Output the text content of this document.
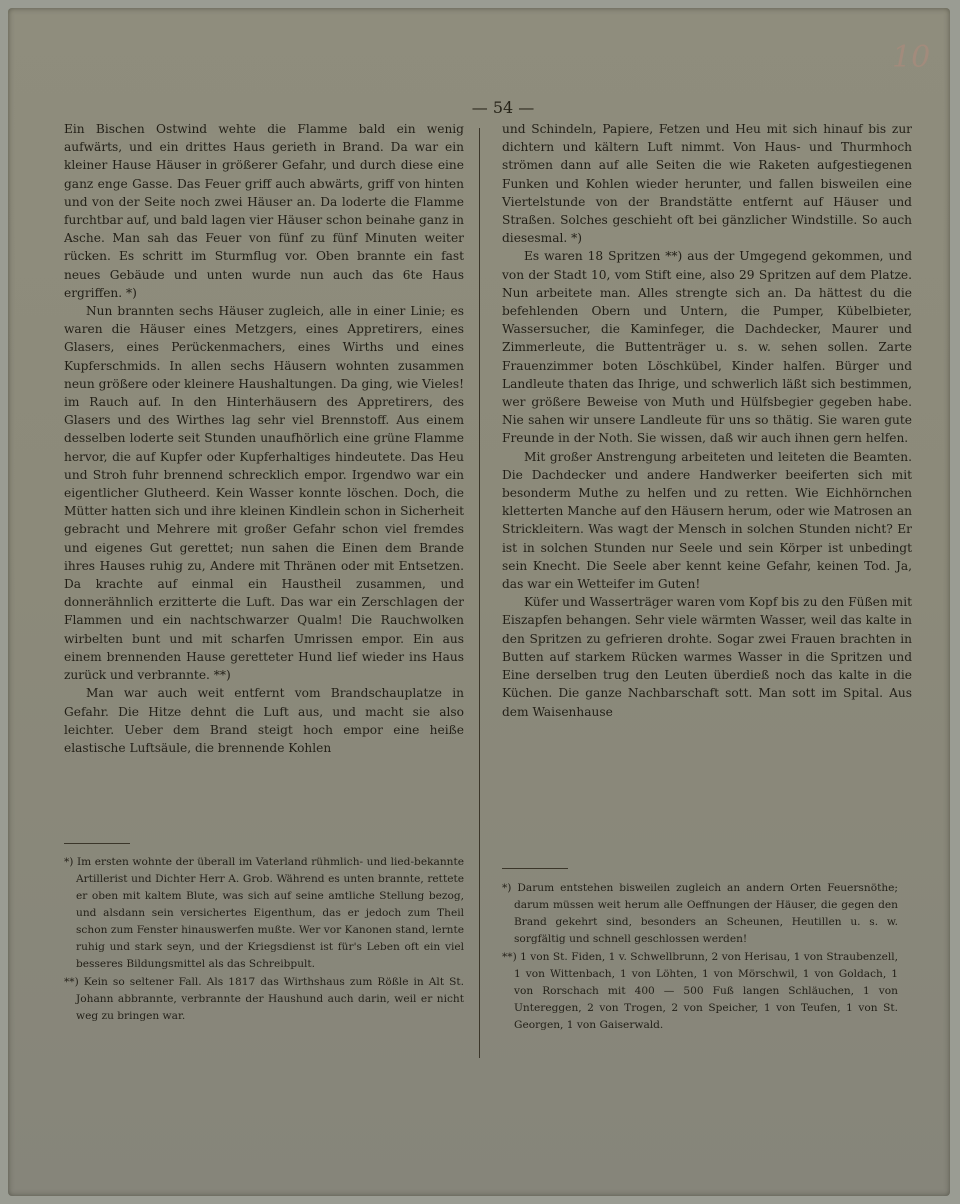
10
— 54 —

Ein Bischen Ostwind wehte die Flamme bald ein wenig aufwärts, und ein drittes Haus gerieth in Brand. Da war ein kleiner Hause Häuser in größerer Gefahr, und durch diese eine ganz enge Gasse. Das Feuer griff auch abwärts, griff von hinten und von der Seite noch zwei Häuser an. Da loderte die Flamme furchtbar auf, und bald lagen vier Häuser schon beinahe ganz in Asche. Man sah das Feuer von fünf zu fünf Minuten weiter rücken. Es schritt im Sturmflug vor. Oben brannte ein fast neues Gebäude und unten wurde nun auch das 6te Haus ergriffen. *)

Nun brannten sechs Häuser zugleich, alle in einer Linie; es waren die Häuser eines Metzgers, eines Appretirers, eines Glasers, eines Perückenmachers, eines Wirths und eines Kupferschmids. In allen sechs Häusern wohnten zusammen neun größere oder kleinere Haushaltungen. Da ging, wie Vieles! im Rauch auf. In den Hinterhäusern des Appretirers, des Glasers und des Wirthes lag sehr viel Brennstoff. Aus einem desselben loderte seit Stunden unaufhörlich eine grüne Flamme hervor, die auf Kupfer oder Kupferhaltiges hindeutete. Das Heu und Stroh fuhr brennend schrecklich empor. Irgendwo war ein eigentlicher Glutheerd. Kein Wasser konnte löschen. Doch, die Mütter hatten sich und ihre kleinen Kindlein schon in Sicherheit gebracht und Mehrere mit großer Gefahr schon viel fremdes und eigenes Gut gerettet; nun sahen die Einen dem Brande ihres Hauses ruhig zu, Andere mit Thränen oder mit Entsetzen. Da krachte auf einmal ein Haustheil zusammen, und donnerähnlich erzitterte die Luft. Das war ein Zerschlagen der Flammen und ein nachtschwarzer Qualm! Die Rauchwolken wirbelten bunt und mit scharfen Umrissen empor. Ein aus einem brennenden Hause geretteter Hund lief wieder ins Haus zurück und verbrannte. **)

Man war auch weit entfernt vom Brandschauplatze in Gefahr. Die Hitze dehnt die Luft aus, und macht sie also leichter. Ueber dem Brand steigt hoch empor eine heiße elastische Luftsäule, die brennende Kohlen

und Schindeln, Papiere, Fetzen und Heu mit sich hinauf bis zur dichtern und kältern Luft nimmt. Von Haus- und Thurmhoch strömen dann auf alle Seiten die wie Raketen aufgestiegenen Funken und Kohlen wieder herunter, und fallen bisweilen eine Viertelstunde von der Brandstätte entfernt auf Häuser und Straßen. Solches geschieht oft bei gänzlicher Windstille. So auch diesesmal. *)

Es waren 18 Spritzen **) aus der Umgegend gekommen, und von der Stadt 10, vom Stift eine, also 29 Spritzen auf dem Platze. Nun arbeitete man. Alles strengte sich an. Da hättest du die befehlenden Obern und Untern, die Pumper, Kübelbieter, Wassersucher, die Kaminfeger, die Dachdecker, Maurer und Zimmerleute, die Buttenträger u. s. w. sehen sollen. Zarte Frauenzimmer boten Löschkübel, Kinder halfen. Bürger und Landleute thaten das Ihrige, und schwerlich läßt sich bestimmen, wer größere Beweise von Muth und Hülfsbegier gegeben habe. Nie sahen wir unsere Landleute für uns so thätig. Sie waren gute Freunde in der Noth. Sie wissen, daß wir auch ihnen gern helfen.

Mit großer Anstrengung arbeiteten und leiteten die Beamten. Die Dachdecker und andere Handwerker beeiferten sich mit besonderm Muthe zu helfen und zu retten. Wie Eichhörnchen kletterten Manche auf den Häusern herum, oder wie Matrosen an Strickleitern. Was wagt der Mensch in solchen Stunden nicht? Er ist in solchen Stunden nur Seele und sein Körper ist unbedingt sein Knecht. Die Seele aber kennt keine Gefahr, keinen Tod. Ja, das war ein Wetteifer im Guten!

Küfer und Wasserträger waren vom Kopf bis zu den Füßen mit Eiszapfen behangen. Sehr viele wärmten Wasser, weil das kalte in den Spritzen zu gefrieren drohte. Sogar zwei Frauen brachten in Butten auf starkem Rücken warmes Wasser in die Spritzen und Eine derselben trug den Leuten überdieß noch das kalte in die Küchen. Die ganze Nachbarschaft sott. Man sott im Spital. Aus dem Waisenhause

*) Im ersten wohnte der überall im Vaterland rühmlich- und lied-bekannte Artillerist und Dichter Herr A. Grob. Während es unten brannte, rettete er oben mit kaltem Blute, was sich auf seine amtliche Stellung bezog, und alsdann sein versichertes Eigenthum, das er jedoch zum Theil schon zum Fenster hinauswerfen mußte. Wer vor Kanonen stand, lernte ruhig und stark seyn, und der Kriegsdienst ist für's Leben oft ein viel besseres Bildungsmittel als das Schreibpult.

**) Kein so seltener Fall. Als 1817 das Wirthshaus zum Rößle in Alt St. Johann abbrannte, verbrannte der Haushund auch darin, weil er nicht weg zu bringen war.

*) Darum entstehen bisweilen zugleich an andern Orten Feuersnöthe; darum müssen weit herum alle Oeffnungen der Häuser, die gegen den Brand gekehrt sind, besonders an Scheunen, Heutillen u. s. w. sorgfältig und schnell geschlossen werden!

**) 1 von St. Fiden, 1 v. Schwellbrunn, 2 von Herisau, 1 von Straubenzell, 1 von Wittenbach, 1 von Löhten, 1 von Mörschwil, 1 von Goldach, 1 von Rorschach mit 400 — 500 Fuß langen Schläuchen, 1 von Untereggen, 2 von Trogen, 2 von Speicher, 1 von Teufen, 1 von St. Georgen, 1 von Gaiserwald.
